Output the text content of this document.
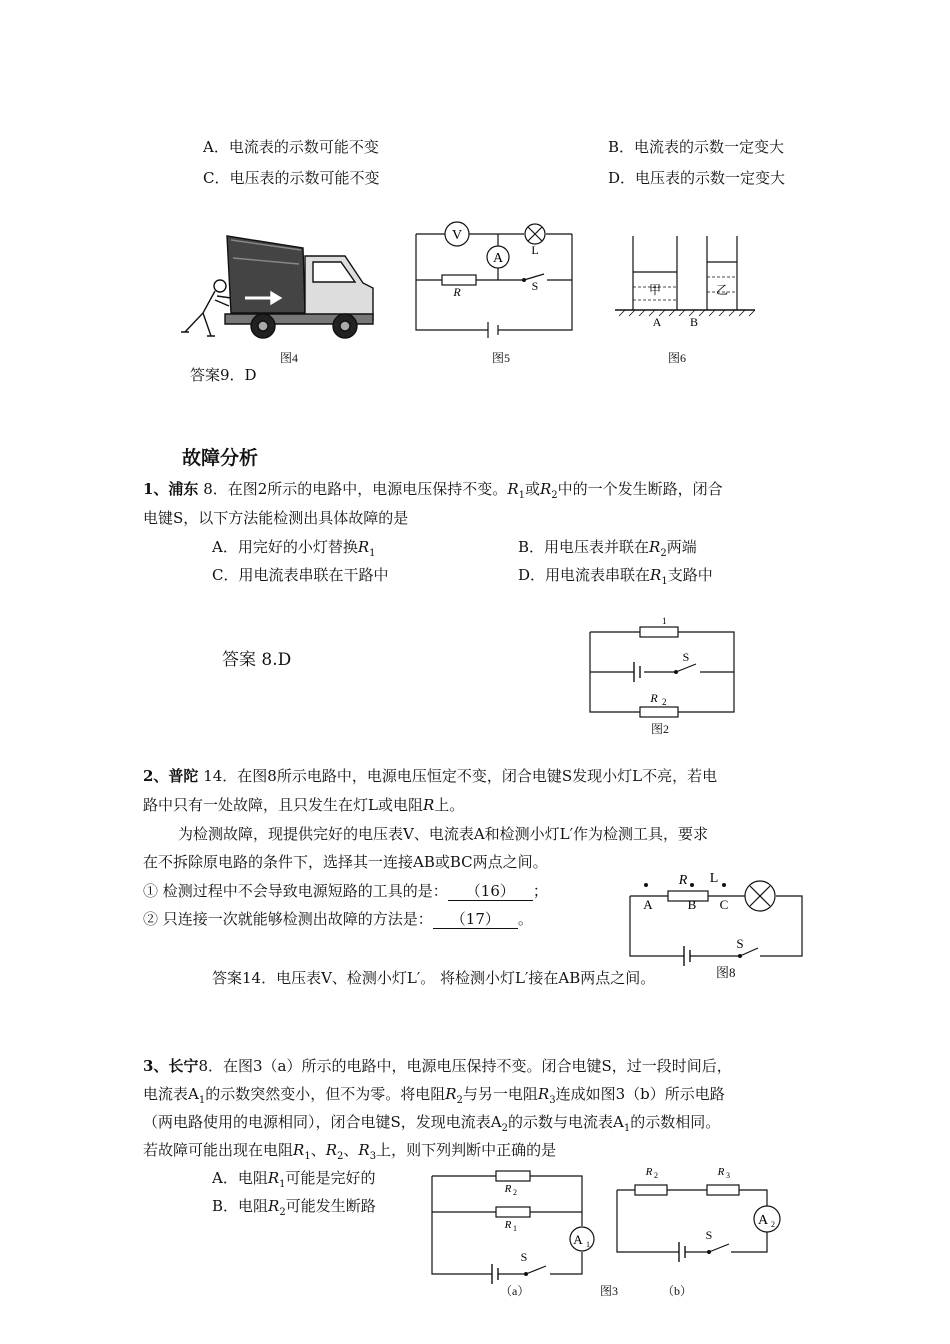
A．电流表的示数可能不变	B．电流表的示数一定变大
C．电压表的示数可能不变	D．电压表的示数一定变大
V
A
L
R	S	甲	乙
A B
图4	图5	图6
答案9．D
故障分析
1、浦东 8．在图2所示的电路中，电源电压保持不变。$R_1$或$R_2$中的一个发生断路，闭合
电键S，以下方法能检测出具体故障的是
A．用完好的小灯替换$R_1$	B．用电压表并联在$R_2$两端
C．用电流表串联在干路中	D．用电流表串联在$R_1$支路中
答案 8.D
1
R 2
S
图2
2、普陀 14．在图8所示电路中，电源电压恒定不变，闭合电键S发现小灯L不亮，若电
路中只有一处故障，且只发生在灯L或电阻R上。
为检测故障，现提供完好的电压表V、电流表A和检测小灯L′作为检测工具，要求
在不拆除原电路的条件下，选择其一连接AB或BC两点之间。
① 检测过程中不会导致电源短路的工具的是： （16） ；
② 只连接一次就能够检测出故障的方法是： （17） 。
R L
A	B C
S
答案14．电压表V、检测小灯L′。 将检测小灯L′接在AB两点之间。	图8
3、长宁8．在图3（a）所示的电路中，电源电压保持不变。闭合电键S，过一段时间后，
电流表$A_1$的示数突然变小，但不为零。将电阻$R_2$与另一电阻$R_3$连成如图3（b）所示电路
（两电路使用的电源相同），闭合电键S，发现电流表$A_2$的示数与电流表$A_1$的示数相同。
若故障可能出现在电阻$R_1$、$R_2$、$R_3$上，则下列判断中正确的是
A．电阻$R_1$可能是完好的
B．电阻$R_2$可能发生断路
A 1
R 2
R 1
S
（a）
A 2
R 2	R 3
S
图3	（b）
